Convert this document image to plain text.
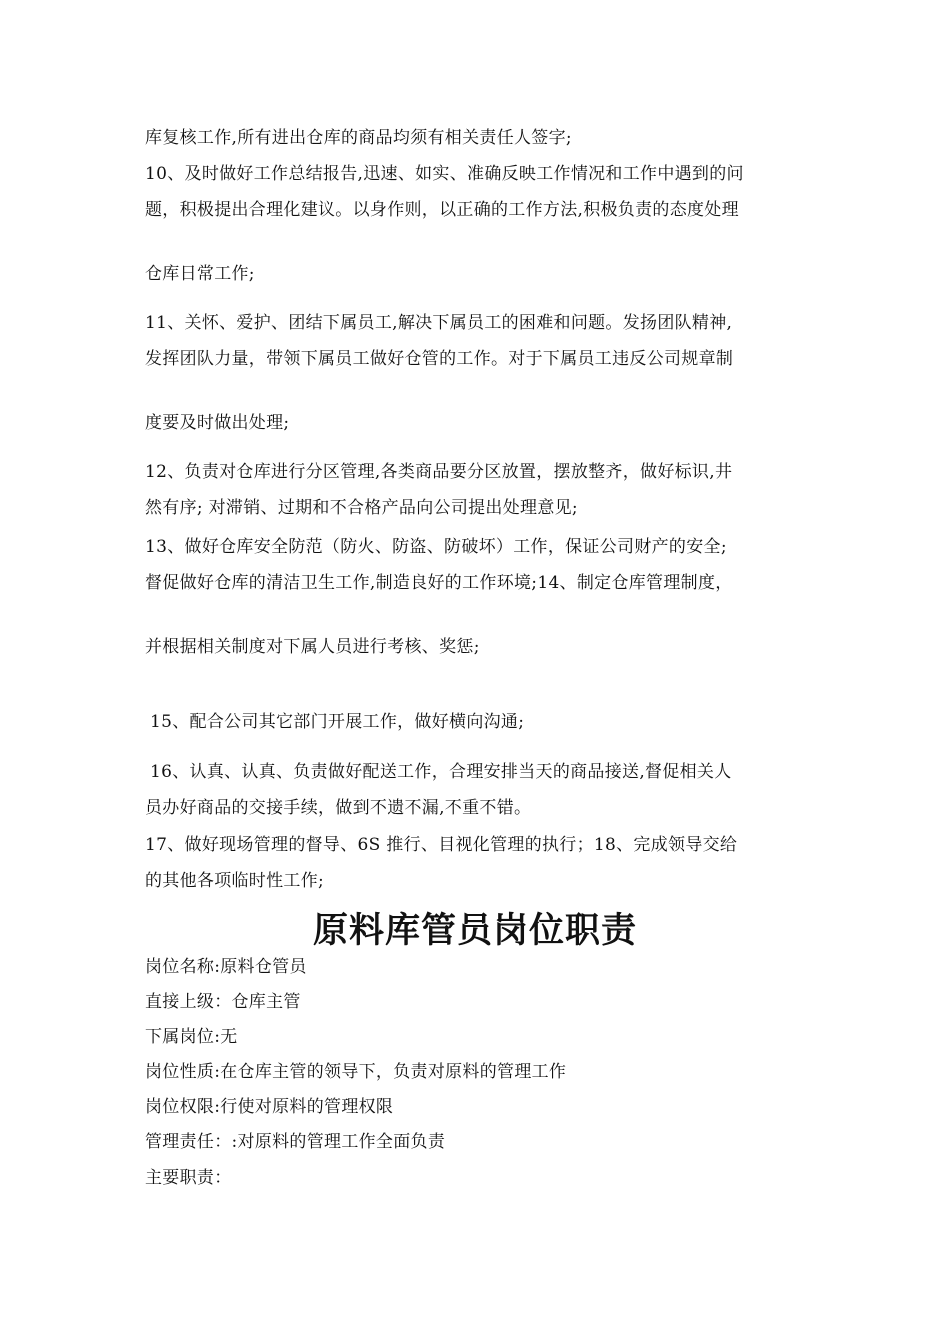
库复核工作,所有进出仓库的商品均须有相关责任人签字;
10、及时做好工作总结报告,迅速、如实、准确反映工作情况和工作中遇到的问
题，积极提出合理化建议。以身作则，以正确的工作方法,积极负责的态度处理
仓库日常工作;
11、关怀、爱护、团结下属员工,解决下属员工的困难和问题。发扬团队精神,
发挥团队力量，带领下属员工做好仓管的工作。对于下属员工违反公司规章制
度要及时做出处理;
12、负责对仓库进行分区管理,各类商品要分区放置，摆放整齐，做好标识,井
然有序; 对滞销、过期和不合格产品向公司提出处理意见;
13、做好仓库安全防范（防火、防盗、防破坏）工作，保证公司财产的安全;
督促做好仓库的清洁卫生工作,制造良好的工作环境;14、制定仓库管理制度，
并根据相关制度对下属人员进行考核、奖惩;
15、配合公司其它部门开展工作，做好横向沟通;
16、认真、认真、负责做好配送工作，合理安排当天的商品接送,督促相关人
员办好商品的交接手续，做到不遗不漏,不重不错。
17、做好现场管理的督导、6S 推行、目视化管理的执行；18、完成领导交给
的其他各项临时性工作;
原料库管员岗位职责
岗位名称:原料仓管员
直接上级：仓库主管
下属岗位:无
岗位性质:在仓库主管的领导下，负责对原料的管理工作
岗位权限:行使对原料的管理权限
管理责任：:对原料的管理工作全面负责
主要职责：
